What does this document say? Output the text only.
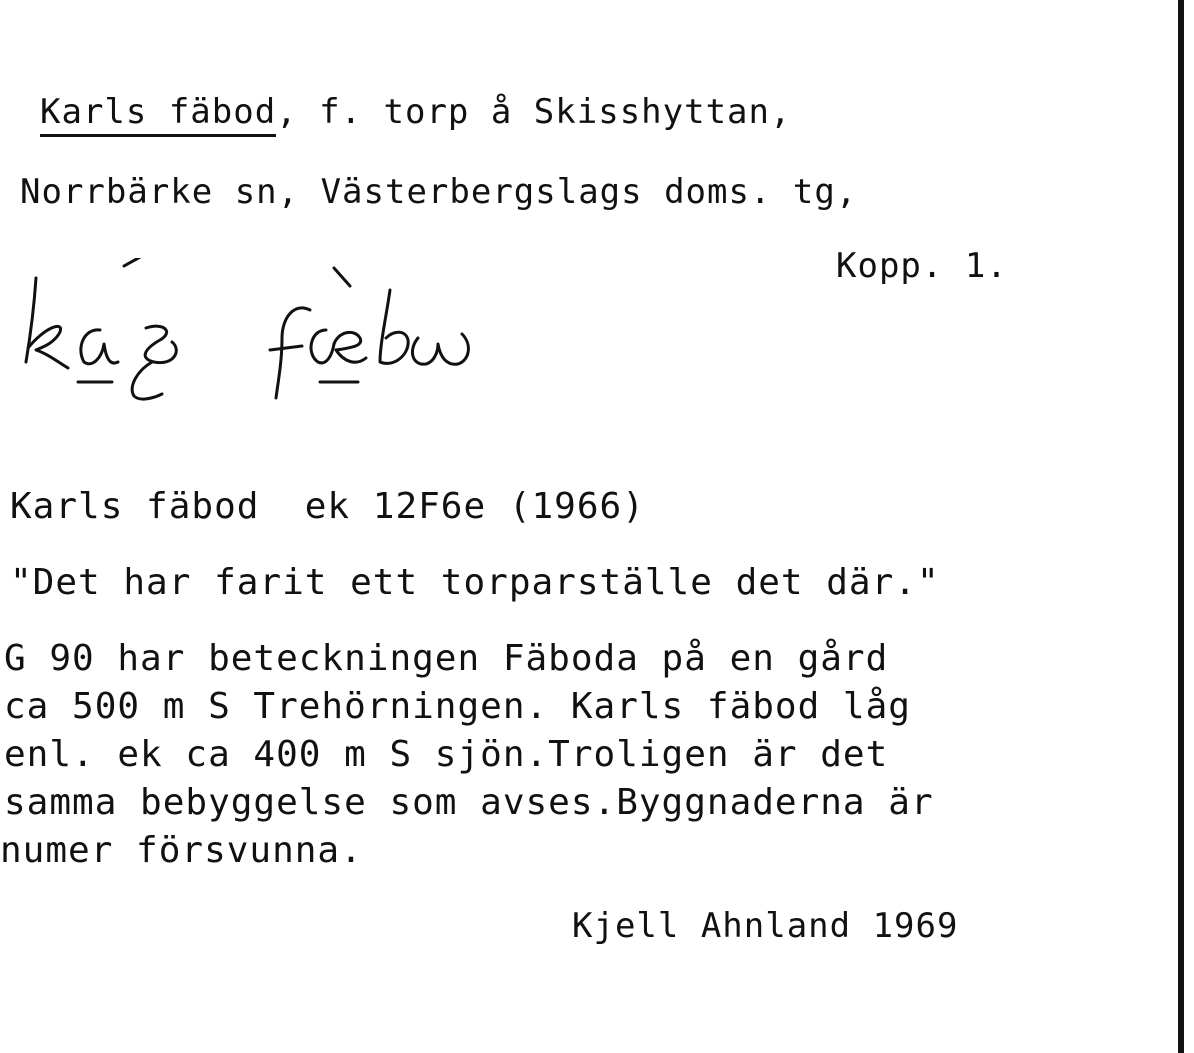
Karls fäbod, f. torp å Skisshyttan,
Norrbärke sn, Västerbergslags doms. tg,
Kopp. 1.
Karls fäbod  ek 12F6e (1966)
"Det har farit ett torparställe det där."
G 90 har beteckningen Fäboda på en gård
ca 500 m S Trehörningen. Karls fäbod låg
enl. ek ca 400 m S sjön.Troligen är det
samma bebyggelse som avses.Byggnaderna är
numer försvunna.
Kjell Ahnland 1969
